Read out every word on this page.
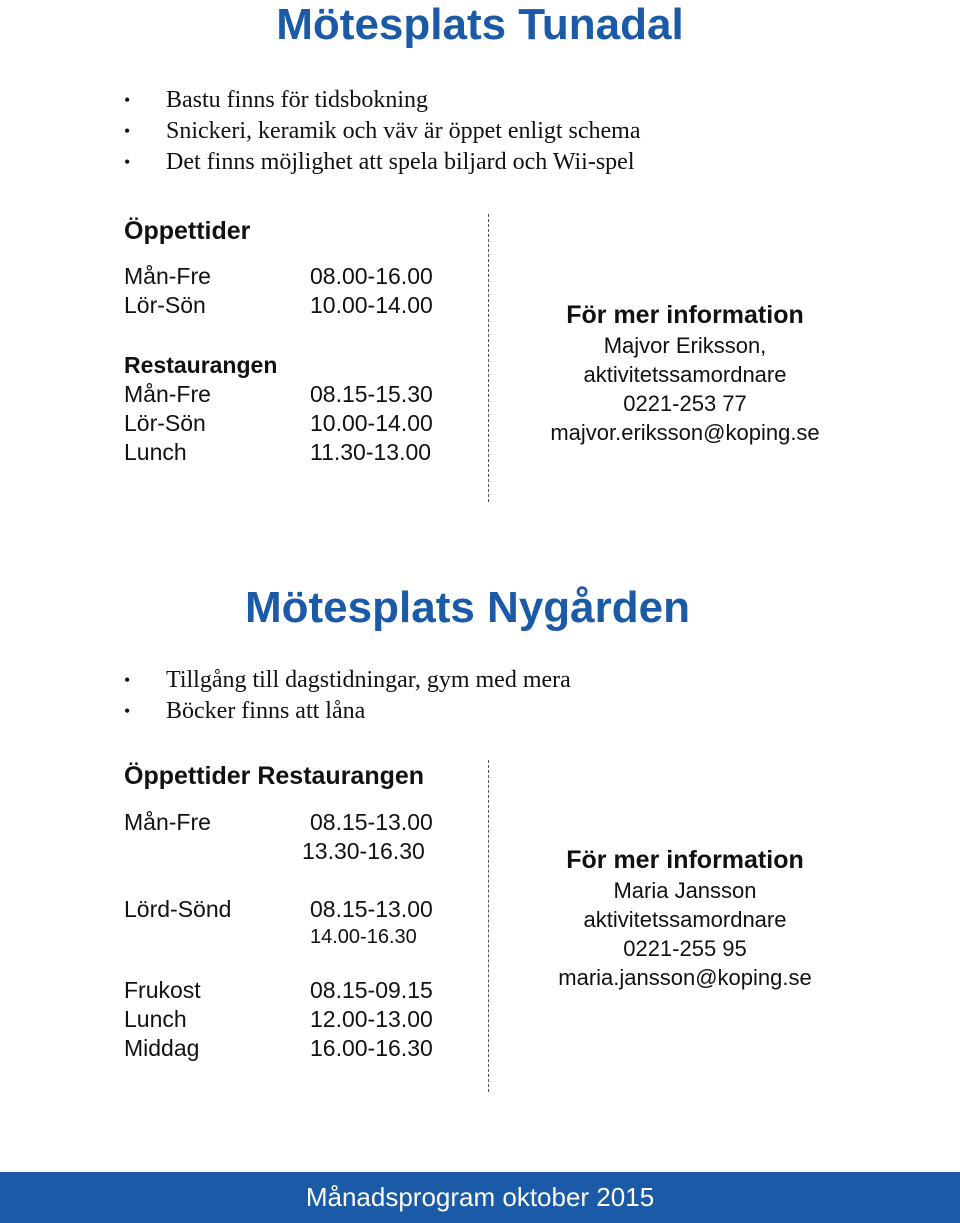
Mötesplats Tunadal
• Bastu finns för tidsbokning
• Snickeri, keramik och väv är öppet enligt schema
• Det finns möjlighet att spela biljard och Wii-spel
Öppettider
Mån-Fre	08.00-16.00
Lör-Sön	10.00-14.00
Restaurangen
Mån-Fre	08.15-15.30
Lör-Sön	10.00-14.00
Lunch	11.30-13.00
För mer information
Majvor Eriksson,
aktivitetssamordnare
0221-253 77
majvor.eriksson@koping.se
Mötesplats Nygården
• Tillgång till dagstidningar, gym med mera
• Böcker finns att låna
Öppettider Restaurangen
Mån-Fre	08.15-13.00
13.30-16.30
Lörd-Sönd	08.15-13.00
14.00-16.30
Frukost	08.15-09.15
Lunch	12.00-13.00
Middag	16.00-16.30
För mer information
Maria Jansson
aktivitetssamordnare
0221-255 95
maria.jansson@koping.se
Månadsprogram oktober 2015
